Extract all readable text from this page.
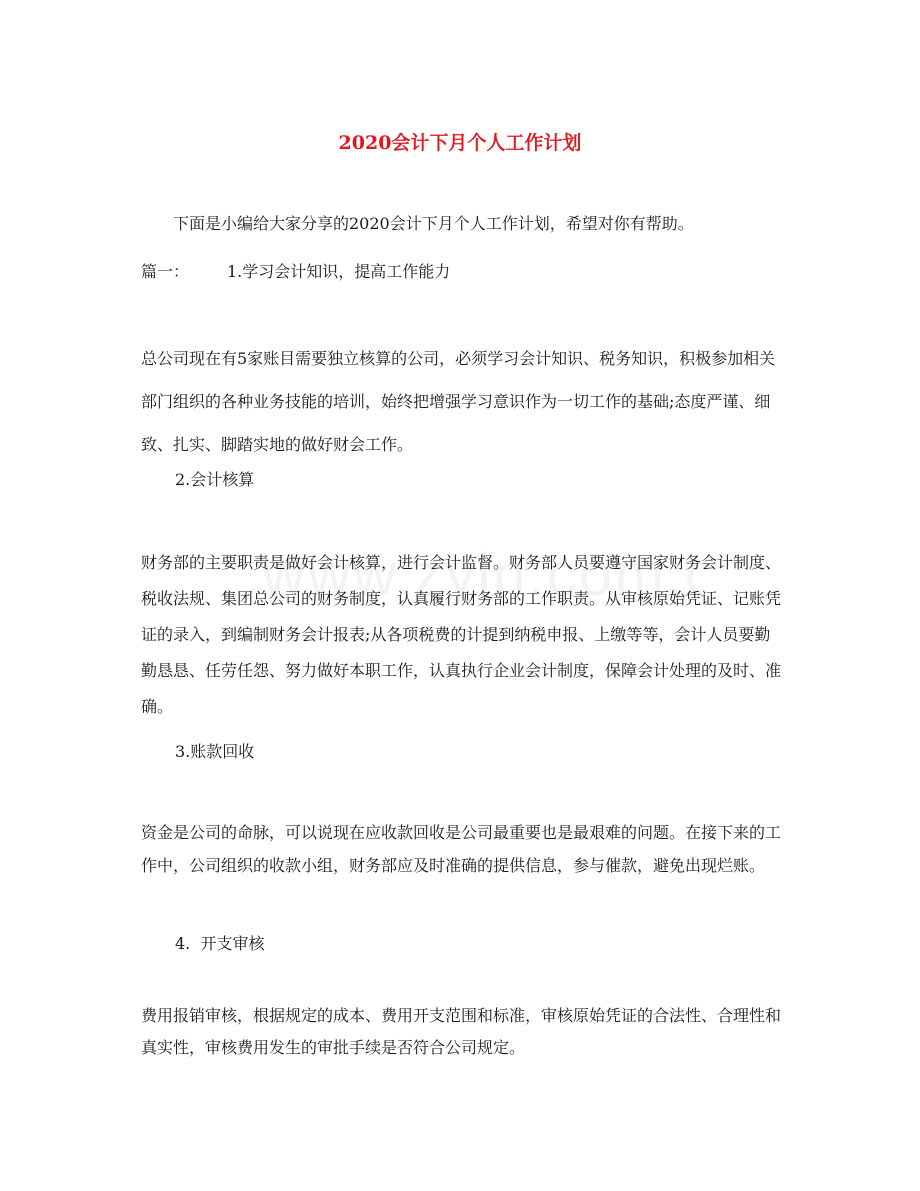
2020会计下月个人工作计划

下面是小编给大家分享的2020会计下月个人工作计划，希望对你有帮助。

篇一： 1.学习会计知识，提高工作能力

总公司现在有5家账目需要独立核算的公司，必须学习会计知识、税务知识，积极参加相关部门组织的各种业务技能的培训，始终把增强学习意识作为一切工作的基础;态度严谨、细致、扎实、脚踏实地的做好财会工作。

2.会计核算

财务部的主要职责是做好会计核算，进行会计监督。财务部人员要遵守国家财务会计制度、税收法规、集团总公司的财务制度，认真履行财务部的工作职责。从审核原始凭证、记账凭证的录入，到编制财务会计报表;从各项税费的计提到纳税申报、上缴等等，会计人员要勤勤恳恳、任劳任怨、努力做好本职工作，认真执行企业会计制度，保障会计处理的及时、准确。

3.账款回收

资金是公司的命脉，可以说现在应收款回收是公司最重要也是最艰难的问题。在接下来的工作中，公司组织的收款小组，财务部应及时准确的提供信息，参与催款，避免出现烂账。

4.  开支审核

费用报销审核，根据规定的成本、费用开支范围和标准，审核原始凭证的合法性、合理性和真实性，审核费用发生的审批手续是否符合公司规定。
